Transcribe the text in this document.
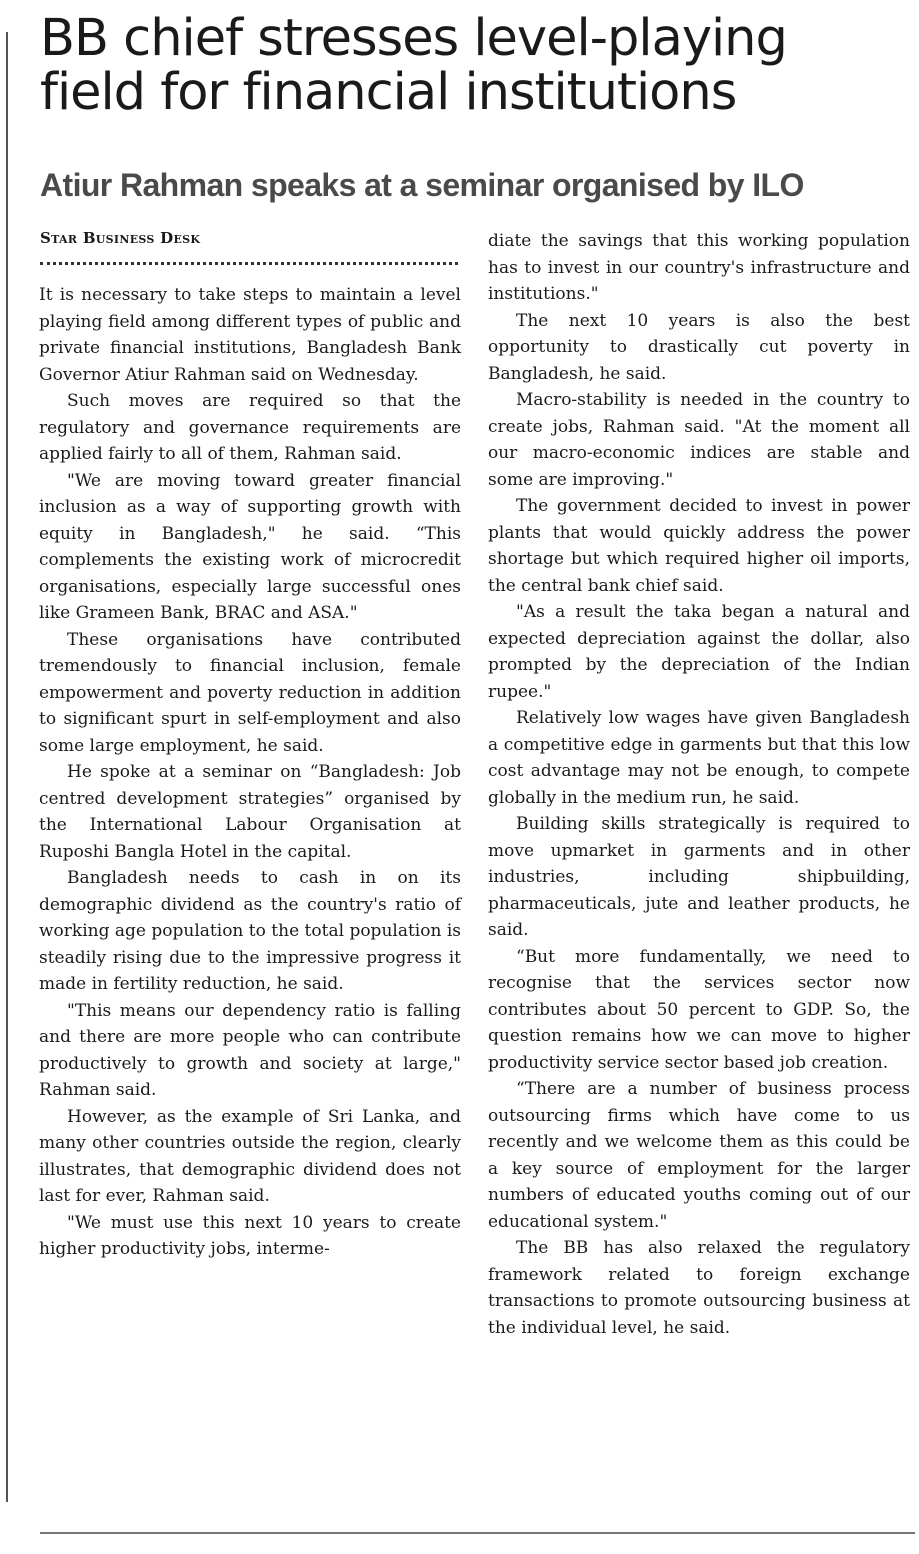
BB chief stresses level-playing
field for financial institutions
Atiur Rahman speaks at a seminar organised by ILO
Star Business Desk

It is necessary to take steps to maintain a level playing field among different types of public and private financial institutions, Bangladesh Bank Governor Atiur Rahman said on Wednesday.

Such moves are required so that the regulatory and governance requirements are applied fairly to all of them, Rahman said.

"We are moving toward greater financial inclusion as a way of supporting growth with equity in Bangladesh," he said. “This complements the existing work of microcredit organisations, especially large successful ones like Grameen Bank, BRAC and ASA."

These organisations have contributed tremendously to financial inclusion, female empowerment and poverty reduction in addition to significant spurt in self-employment and also some large employment, he said.

He spoke at a seminar on “Bangladesh: Job centred development strategies” organised by the International Labour Organisation at Ruposhi Bangla Hotel in the capital.

Bangladesh needs to cash in on its demographic dividend as the country's ratio of working age population to the total population is steadily rising due to the impressive progress it made in fertility reduction, he said.

"This means our dependency ratio is falling and there are more people who can contribute productively to growth and society at large," Rahman said.

However, as the example of Sri Lanka, and many other countries outside the region, clearly illustrates, that demographic dividend does not last for ever, Rahman said.

"We must use this next 10 years to create higher productivity jobs, interme-

diate the savings that this working population has to invest in our country's infrastructure and institutions."

The next 10 years is also the best opportunity to drastically cut poverty in Bangladesh, he said.

Macro-stability is needed in the country to create jobs, Rahman said. "At the moment all our macro-economic indices are stable and some are improving."

The government decided to invest in power plants that would quickly address the power shortage but which required higher oil imports, the central bank chief said.

"As a result the taka began a natural and expected depreciation against the dollar, also prompted by the depreciation of the Indian rupee."

Relatively low wages have given Bangladesh a competitive edge in garments but that this low cost advantage may not be enough, to compete globally in the medium run, he said.

Building skills strategically is required to move upmarket in garments and in other industries, including shipbuilding, pharmaceuticals, jute and leather products, he said.

“But more fundamentally, we need to recognise that the services sector now contributes about 50 percent to GDP. So, the question remains how we can move to higher productivity service sector based job creation.

“There are a number of business process outsourcing firms which have come to us recently and we welcome them as this could be a key source of employment for the larger numbers of educated youths coming out of our educational system."

The BB has also relaxed the regulatory framework related to foreign exchange transactions to promote outsourcing business at the individual level, he said.
